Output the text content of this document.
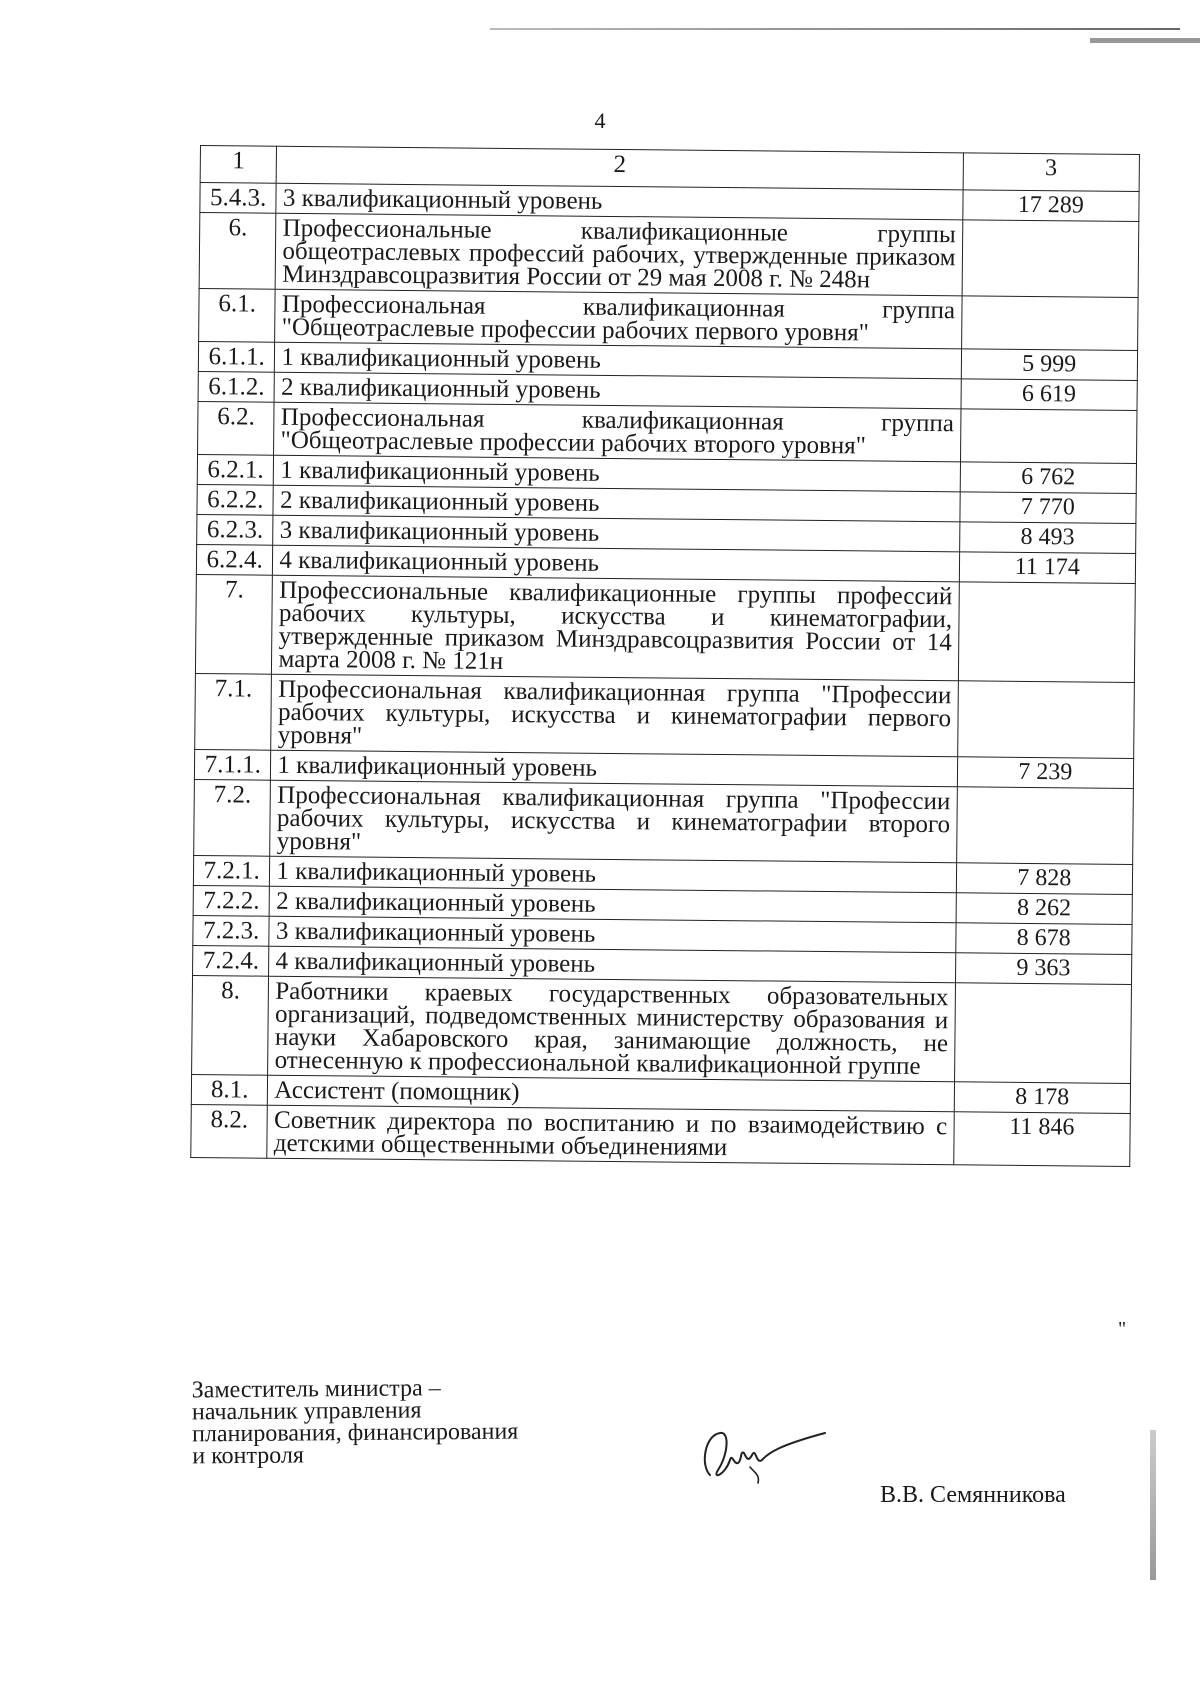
4
1	2	3
5.4.3.	3 квалификационный уровень	17 289
6.	Профессиональные квалификационные группы общеотраслевых профессий рабочих, утвержденные приказом Минздравсоцразвития России от 29 мая 2008 г. № 248н	
6.1.	Профессиональная квалификационная группа "Общеотраслевые профессии рабочих первого уровня"	
6.1.1.	1 квалификационный уровень	5 999
6.1.2.	2 квалификационный уровень	6 619
6.2.	Профессиональная квалификационная группа "Общеотраслевые профессии рабочих второго уровня"	
6.2.1.	1 квалификационный уровень	6 762
6.2.2.	2 квалификационный уровень	7 770
6.2.3.	3 квалификационный уровень	8 493
6.2.4.	4 квалификационный уровень	11 174
7.	Профессиональные квалификационные группы профессий рабочих культуры, искусства и кинематографии, утвержденные приказом Минздравсоцразвития России от 14 марта 2008 г. № 121н	
7.1.	Профессиональная квалификационная группа "Профессии рабочих культуры, искусства и кинематографии первого уровня"	
7.1.1.	1 квалификационный уровень	7 239
7.2.	Профессиональная квалификационная группа "Профессии рабочих культуры, искусства и кинематографии второго уровня"	
7.2.1.	1 квалификационный уровень	7 828
7.2.2.	2 квалификационный уровень	8 262
7.2.3.	3 квалификационный уровень	8 678
7.2.4.	4 квалификационный уровень	9 363
8.	Работники краевых государственных образовательных организаций, подведомственных министерству образования и науки Хабаровского края, занимающие должность, не отнесенную к профессиональной квалификационной группе	
8.1.	Ассистент (помощник)	8 178
8.2.	Советник директора по воспитанию и по взаимодействию с детскими общественными объединениями	11 846
"
Заместитель министра –
начальник управления
планирования, финансирования
и контроля
В.В. Семянникова
